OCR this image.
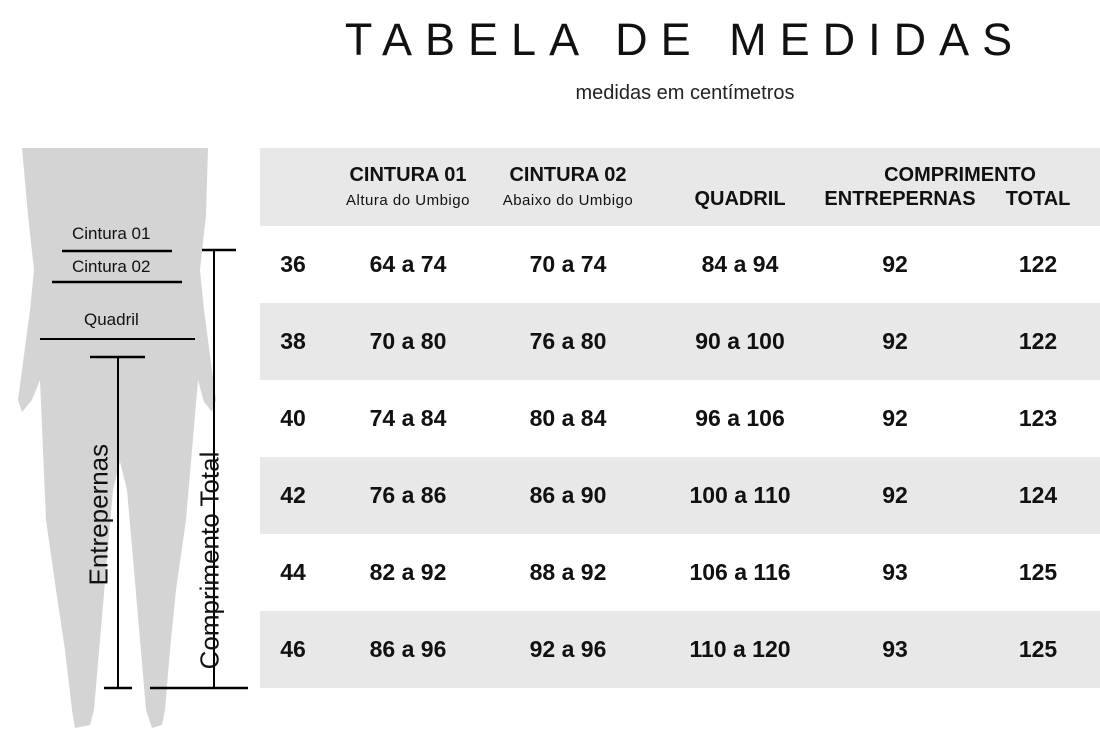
TABELA DE MEDIDAS
medidas em centímetros
Cintura 01
Cintura 02
Quadril
Entrepernas	Comprimento Total
CINTURA 01
Altura do Umbigo
CINTURA 02
Abaixo do Umbigo	QUADRIL
COMPRIMENTO
ENTREPERNAS	TOTAL
36	64 a 74	70 a 74	84 a 94	92	122
38	70 a 80	76 a 80	90 a 100	92	122
40	74 a 84	80 a 84	96 a 106	92	123
42	76 a 86	86 a 90	100 a 110	92	124
44	82 a 92	88 a 92	106 a 116	93	125
46	86 a 96	92 a 96	110 a 120	93	125
